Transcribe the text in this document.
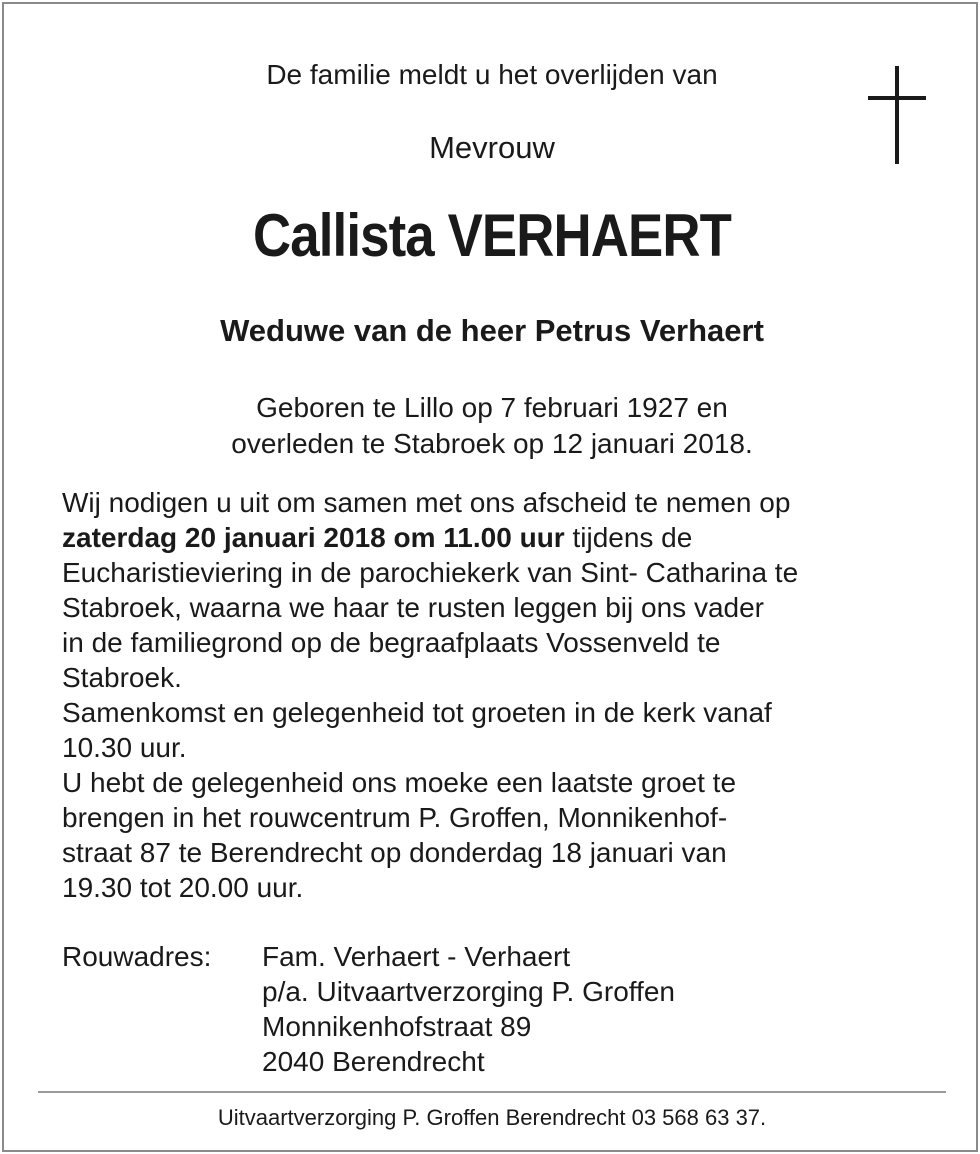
De familie meldt u het overlijden van
Mevrouw
Callista VERHAERT
Weduwe van de heer Petrus Verhaert
Geboren te Lillo op 7 februari 1927 en
overleden te Stabroek op 12 januari 2018.

Wij nodigen u uit om samen met ons afscheid te nemen op
zaterdag 20 januari 2018 om 11.00 uur tijdens de
Eucharistieviering in de parochiekerk van Sint- Catharina te
Stabroek, waarna we haar te rusten leggen bij ons vader
in de familiegrond op de begraafplaats Vossenveld te
Stabroek.

Samenkomst en gelegenheid tot groeten in de kerk vanaf
10.30 uur.

U hebt de gelegenheid ons moeke een laatste groet te
brengen in het rouwcentrum P. Groffen, Monnikenhof-
straat 87 te Berendrecht op donderdag 18 januari van
19.30 tot 20.00 uur.

Rouwadres: Fam. Verhaert - Verhaert
p/a. Uitvaartverzorging P. Groffen
Monnikenhofstraat 89
2040 Berendrecht
Uitvaartverzorging P. Groffen Berendrecht 03 568 63 37.
